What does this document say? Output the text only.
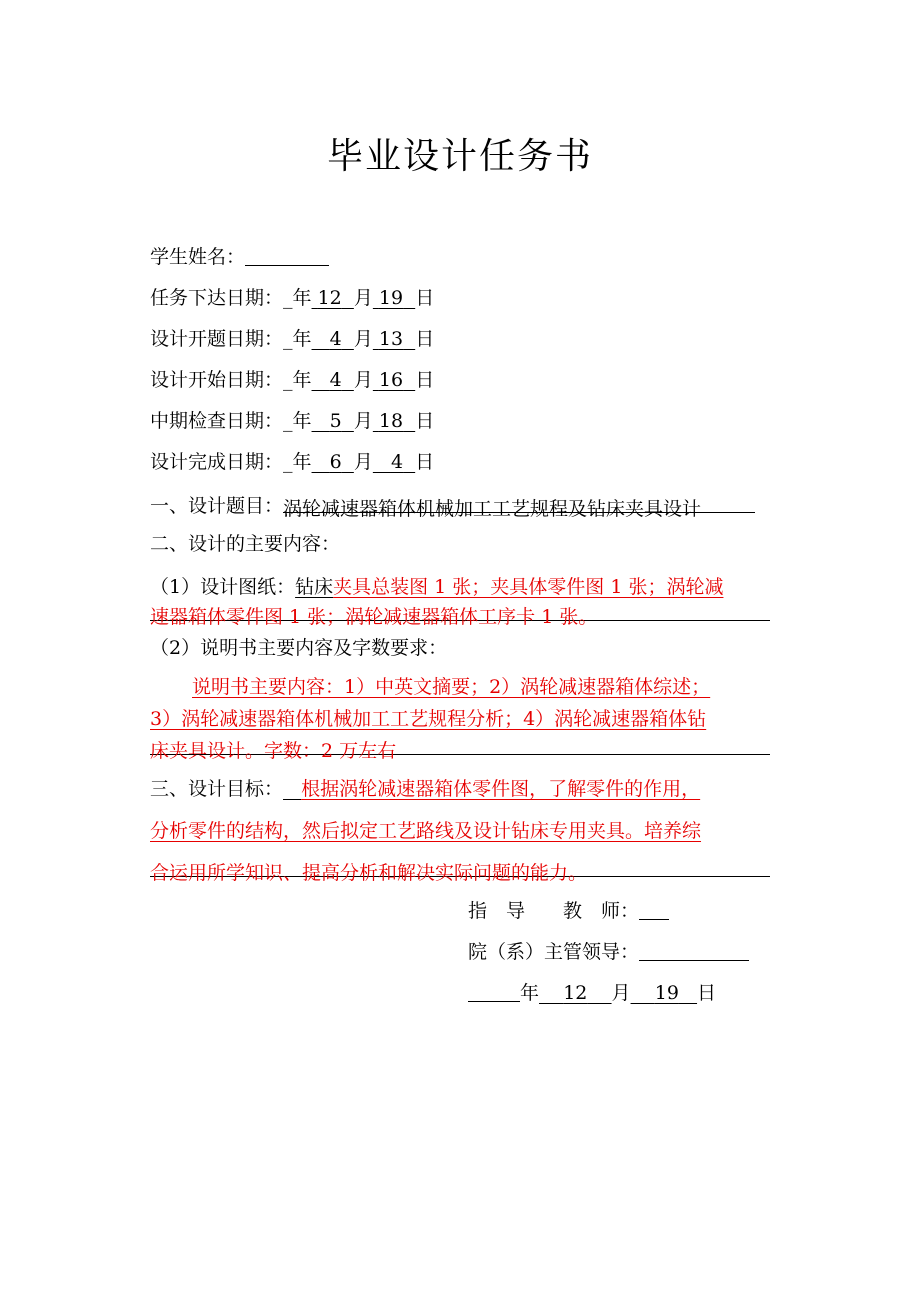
毕业设计任务书
学生姓名：
任务下达日期：_年 12 月 19 日
设计开题日期：_年 4 月 13 日
设计开始日期：_年 4 月 16 日
中期检查日期：_年 5 月 18 日
设计完成日期：_年 6 月 4 日
一、设计题目：涡轮减速器箱体机械加工工艺规程及钻床夹具设计
二、设计的主要内容：
（1）设计图纸：钻床夹具总装图 1 张；夹具体零件图 1 张；涡轮减
速器箱体零件图 1 张；涡轮减速器箱体工序卡 1 张。
（2）说明书主要内容及字数要求：
说明书主要内容：1）中英文摘要；2）涡轮减速器箱体综述；
3）涡轮减速器箱体机械加工工艺规程分析；4）涡轮减速器箱体钻
床夹具设计。字数：2 万左右
三、设计目标： 根据涡轮减速器箱体零件图，了解零件的作用，
分析零件的结构，然后拟定工艺路线及设计钻床专用夹具。培养综
合运用所学知识、提高分析和解决实际问题的能力。
指　导　　教　师：
院（系）主管领导：
年 12 月 19 日
